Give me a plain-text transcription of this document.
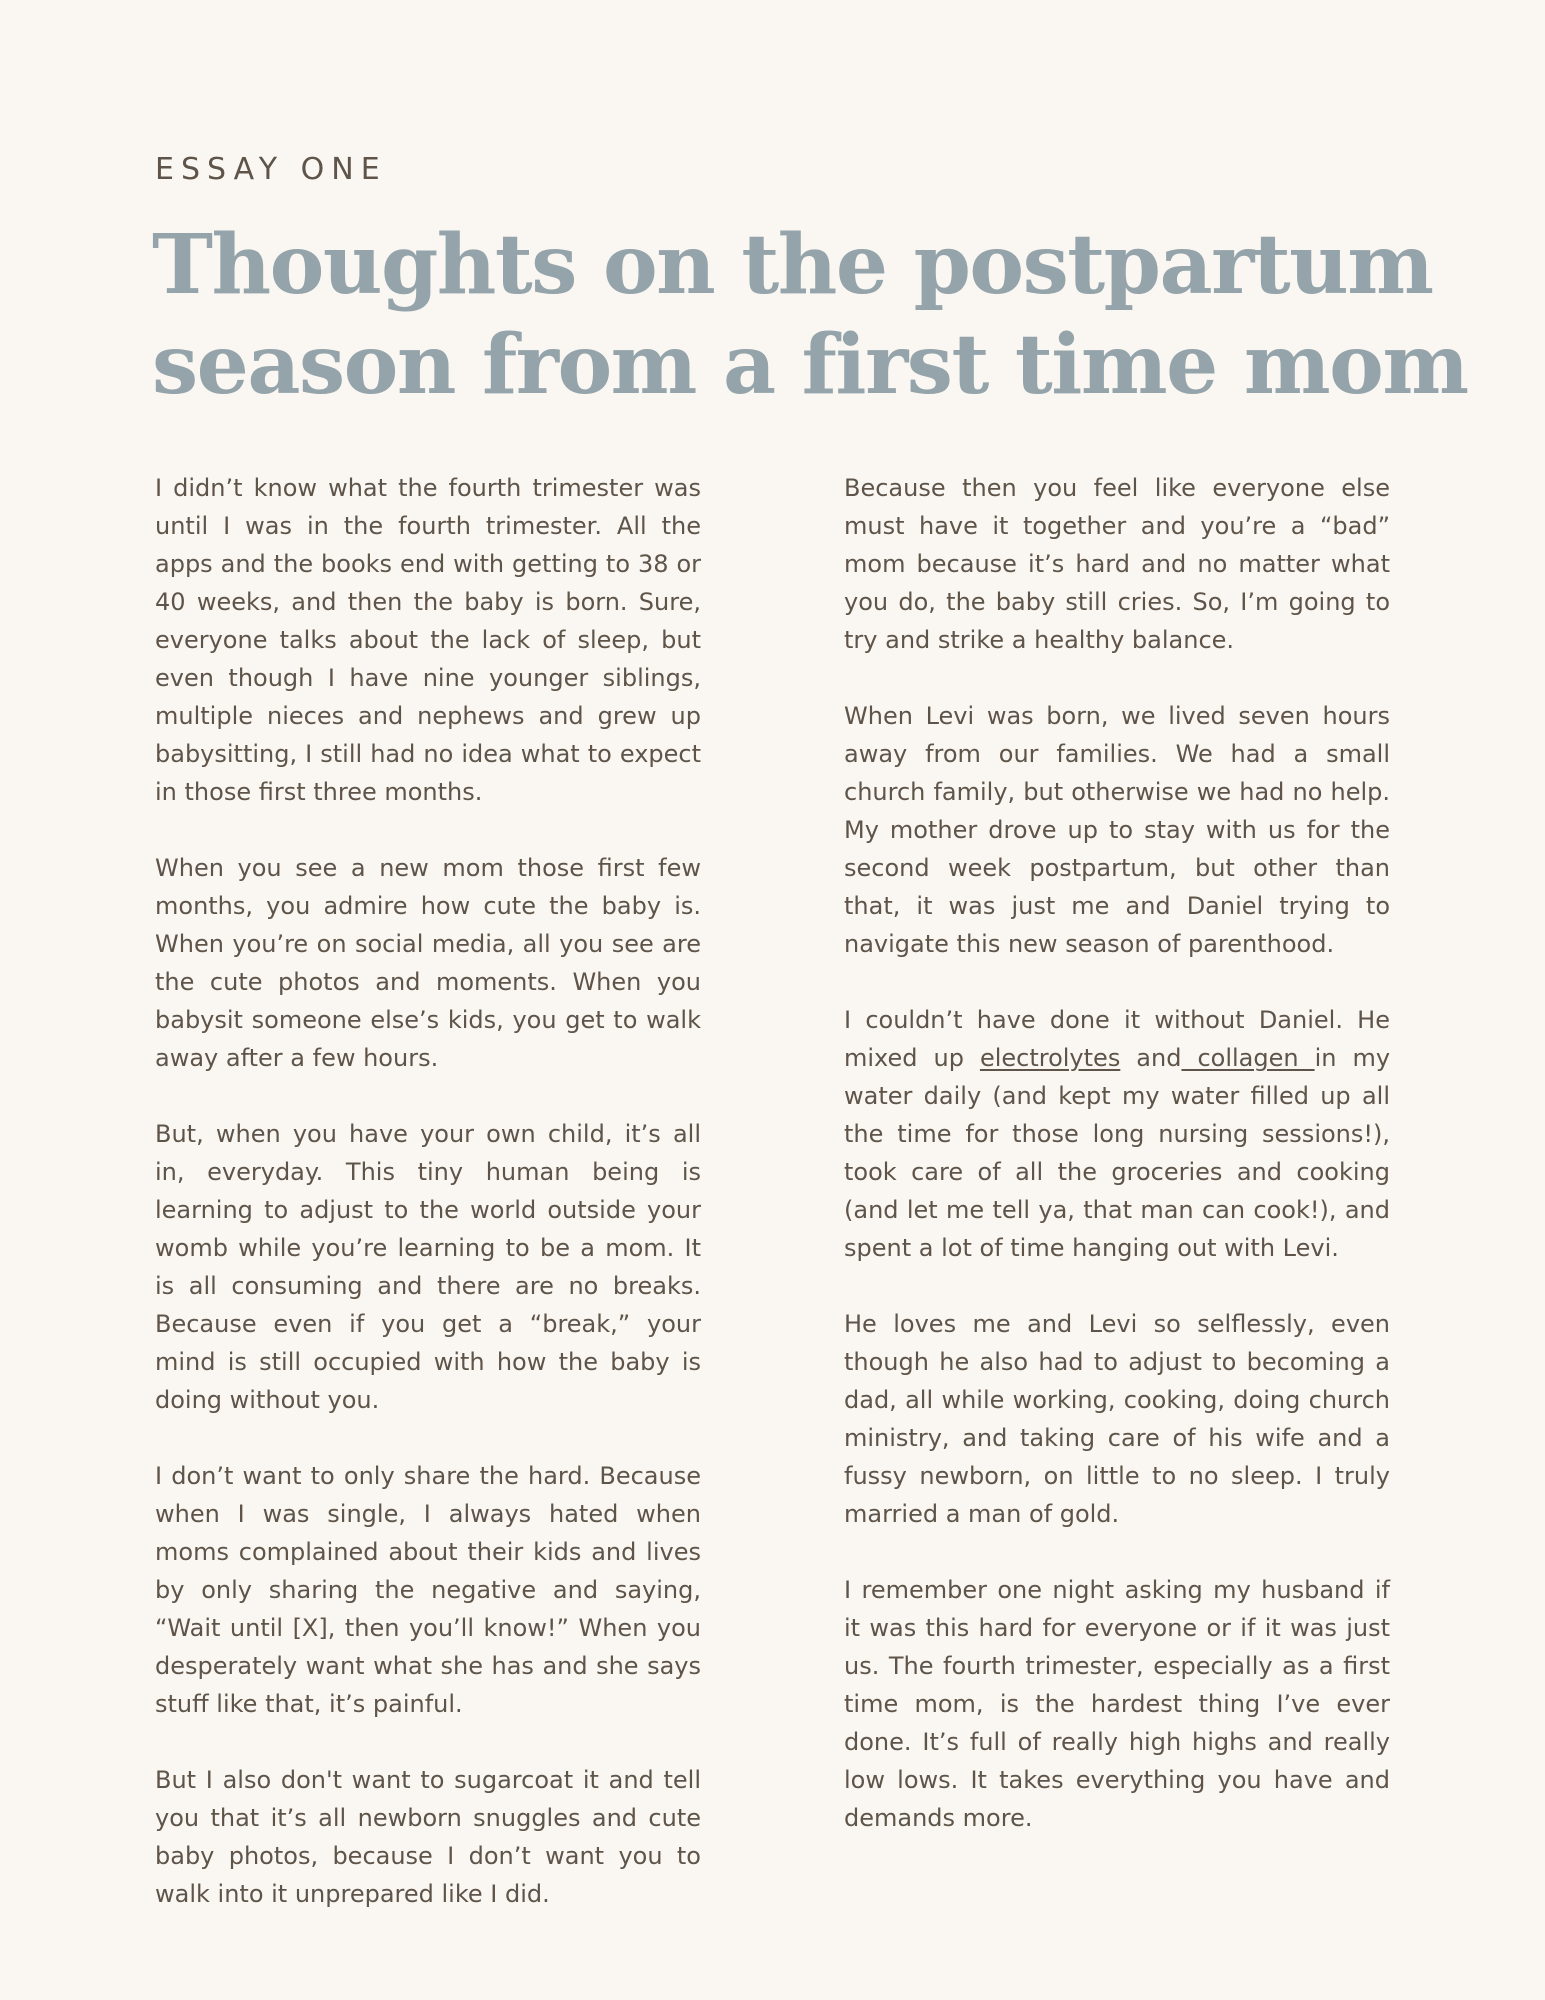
ESSAY ONE
Thoughts on the postpartum
season from a first time mom

I didn’t know what the fourth trimester was until I was in the fourth trimester. All the apps and the books end with getting to 38 or 40 weeks, and then the baby is born. Sure, everyone talks about the lack of sleep, but even though I have nine younger siblings, multiple nieces and nephews and grew up babysitting, I still had no idea what to expect in those first three months.

When you see a new mom those first few months, you admire how cute the baby is. When you’re on social media, all you see are the cute photos and moments. When you babysit someone else’s kids, you get to walk away after a few hours.

But, when you have your own child, it’s all in, everyday. This tiny human being is learning to adjust to the world outside your womb while you’re learning to be a mom. It is all consuming and there are no breaks. Because even if you get a “break,” your mind is still occupied with how the baby is doing without you.

I don’t want to only share the hard. Because when I was single, I always hated when moms complained about their kids and lives by only sharing the negative and saying, “Wait until [X], then you’ll know!” When you desperately want what she has and she says stuff like that, it’s painful.

But I also don't want to sugarcoat it and tell you that it’s all newborn snuggles and cute baby photos, because I don’t want you to walk into it unprepared like I did.

Because then you feel like everyone else must have it together and you’re a “bad” mom because it’s hard and no matter what you do, the baby still cries. So, I’m going to try and strike a healthy balance.

When Levi was born, we lived seven hours away from our families. We had a small church family, but otherwise we had no help. My mother drove up to stay with us for the second week postpartum, but other than that, it was just me and Daniel trying to navigate this new season of parenthood.

I couldn’t have done it without Daniel. He mixed up electrolytes and collagen in my water daily (and kept my water filled up all the time for those long nursing sessions!), took care of all the groceries and cooking (and let me tell ya, that man can cook!), and spent a lot of time hanging out with Levi.

He loves me and Levi so selflessly, even though he also had to adjust to becoming a dad, all while working, cooking, doing church ministry, and taking care of his wife and a fussy newborn, on little to no sleep. I truly married a man of gold.

I remember one night asking my husband if it was this hard for everyone or if it was just us. The fourth trimester, especially as a first time mom, is the hardest thing I’ve ever done. It’s full of really high highs and really low lows. It takes everything you have and demands more.
